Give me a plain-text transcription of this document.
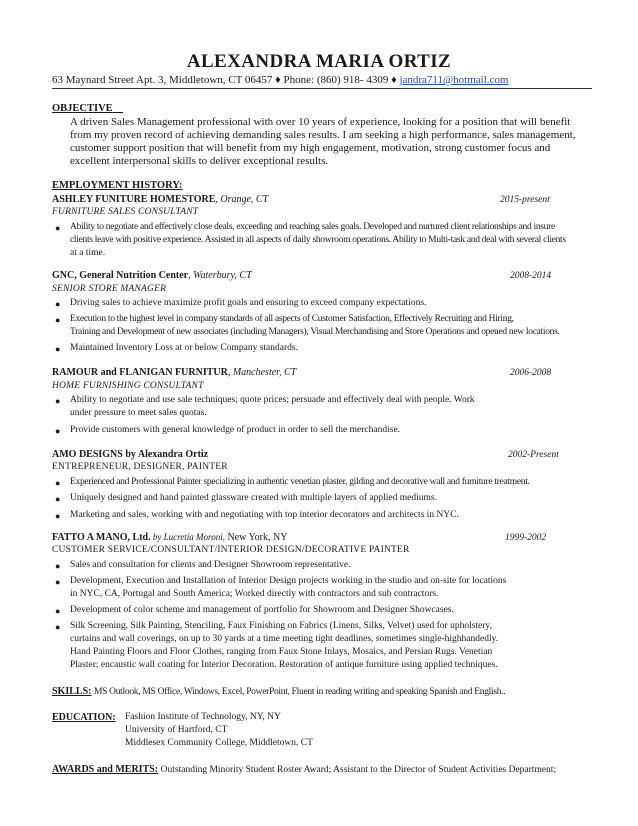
ALEXANDRA MARIA ORTIZ
63 Maynard Street Apt. 3, Middletown, CT 06457 ♦ Phone: (860) 918- 4309 ♦ jandra711@hotmail.com
OBJECTIVE
A driven Sales Management professional with over 10 years of experience, looking for a position that will benefit
from my proven record of achieving demanding sales results. I am seeking a high performance, sales management,
customer support position that will benefit from my high engagement, motivation, strong customer focus and
excellent interpersonal skills to deliver exceptional results.
EMPLOYMENT HISTORY:
ASHLEY FUNITURE HOMESTORE, Orange, CT	2015-present
FURNITURE SALES CONSULTANT
● Ability to negotiate and effectively close deals, exceeding and reaching sales goals. Developed and nurtured client relationships and insure
clients leave with positive experience. Assisted in all aspects of daily showroom operations. Ability to Multi-task and deal with several clients
at a time.
GNC, General Nutrition Center, Waterbury, CT	2008-2014
SENIOR STORE MANAGER
● Driving sales to achieve maximize profit goals and ensuring to exceed company expectations.
● Execution to the highest level in company standards of all aspects of Customer Satisfaction, Effectively Recruiting and Hiring,
Training and Development of new associates (including Managers), Visual Merchandising and Store Operations and opened new locations.
● Maintained Inventory Loss at or below Company standards.
RAMOUR and FLANIGAN FURNITUR, Manchester, CT	2006-2008
HOME FURNISHING CONSULTANT
● Ability to negotiate and use sale techniques; quote prices; persuade and effectively deal with people. Work
under pressure to meet sales quotas.
● Provide customers with general knowledge of product in order to sell the merchandise.
AMO DESIGNS by Alexandra Ortiz	2002-Present
ENTREPRENEUR, DESIGNER, PAINTER
● Experienced and Professional Painter specializing in authentic venetian plaster, gilding and decorative wall and furniture treatment.
● Uniquely designed and hand painted glassware created with multiple layers of applied mediums.
● Marketing and sales, working with and negotiating with top interior decorators and architects in NYC.
FATTO A MANO, Ltd. by Lucretia Moroni, New York, NY	1999-2002
CUSTOMER SERVICE/CONSULTANT/INTERIOR DESIGN/DECORATIVE PAINTER
● Sales and consultation for clients and Designer Showroom representative.
● Development, Execution and Installation of Interior Design projects working in the studio and on-site for locations
in NYC, CA, Portugal and South America; Worked directly with contractors and sub contractors.
● Development of color scheme and management of portfolio for Showroom and Designer Showcases.
● Silk Screening, Silk Painting, Stenciling, Faux Finishing on Fabrics (Linens, Silks, Velvet) used for upholstery,
curtains and wall coverings, on up to 30 yards at a time meeting tight deadlines, sometimes single-highhandedly.
Hand Painting Floors and Floor Clothes, ranging from Faux Stone Inlays, Mosaics, and Persian Rugs. Venetian
Plaster; encaustic wall coating for Interior Decoration. Restoration of antique furniture using applied techniques.
SKILLS: MS Outlook, MS Office, Windows, Excel, PowerPoint, Fluent in reading writing and speaking Spanish and English..
EDUCATION: Fashion Institute of Technology, NY, NY
University of Hartford, CT
Middlesex Community College, Middletown, CT
AWARDS and MERITS: Outstanding Minority Student Roster Award; Assistant to the Director of Student Activities Department;
